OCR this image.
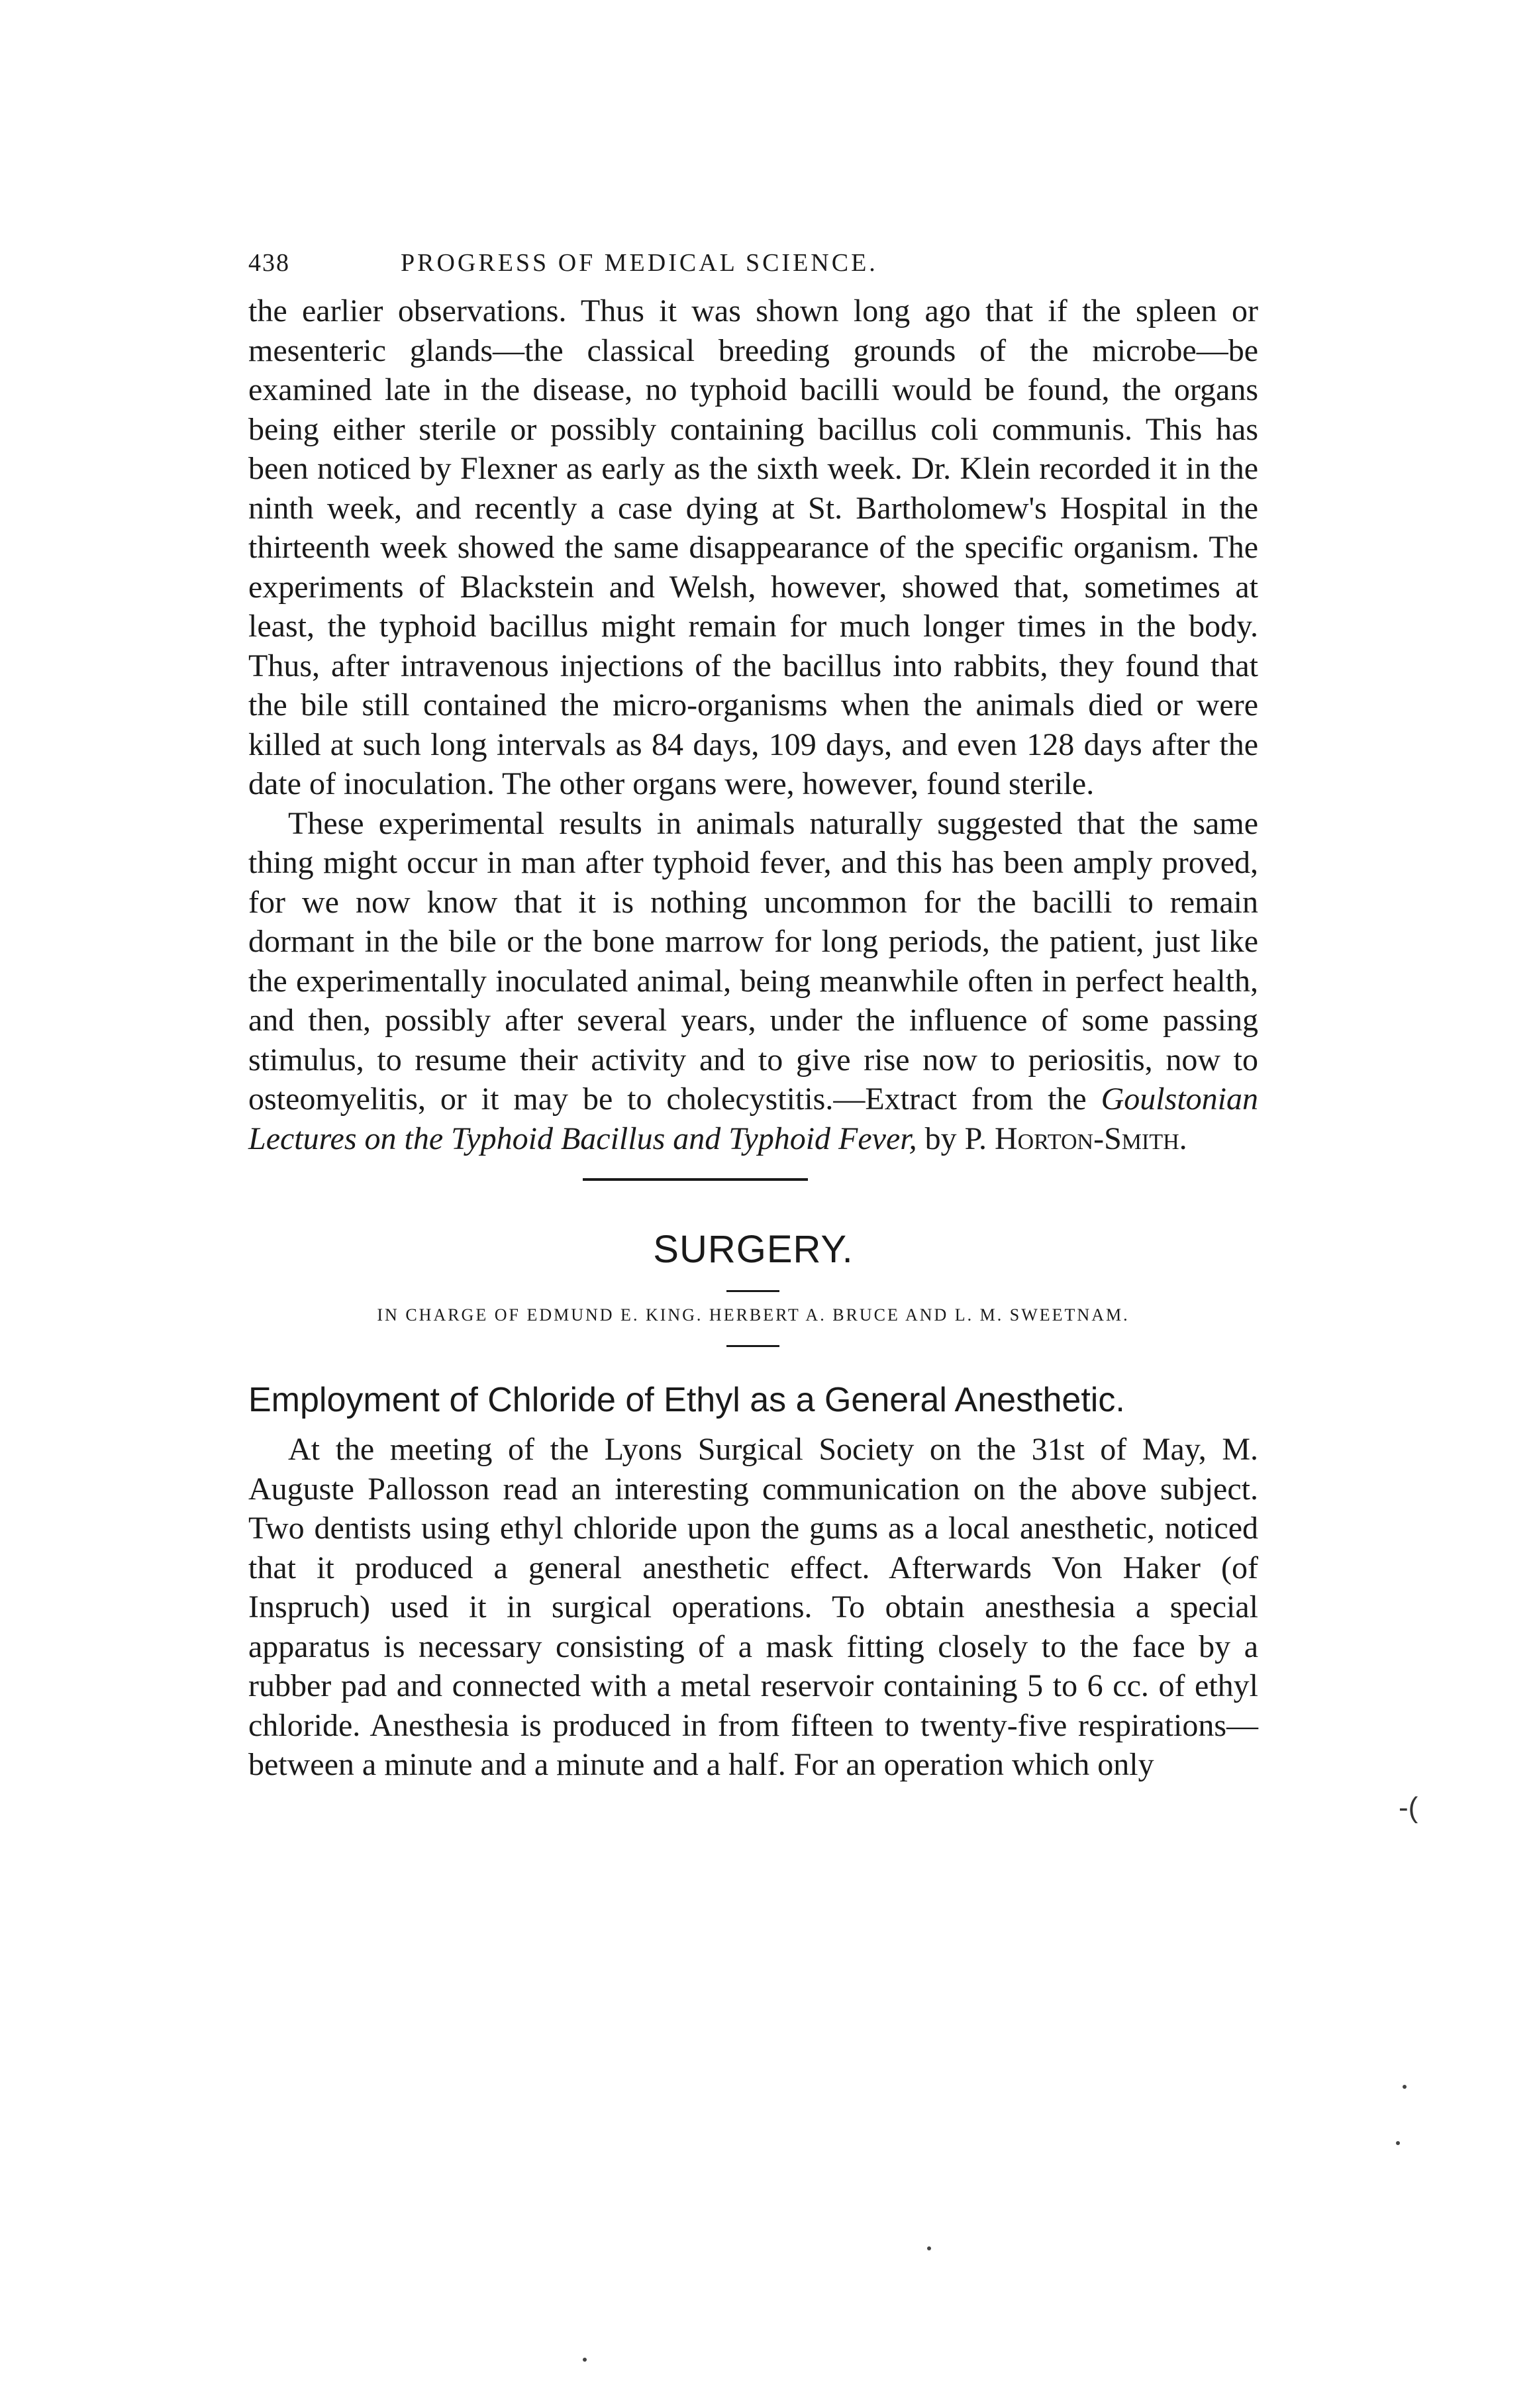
438	PROGRESS OF MEDICAL SCIENCE.

the earlier observations. Thus it was shown long ago that if the spleen or mesenteric glands—the classical breeding grounds of the microbe—be examined late in the disease, no typhoid bacilli would be found, the organs being either sterile or possibly containing bacillus coli communis. This has been noticed by Flexner as early as the sixth week. Dr. Klein recorded it in the ninth week, and recently a case dying at St. Bartholomew's Hospital in the thirteenth week showed the same disappearance of the specific organism. The experiments of Blackstein and Welsh, however, showed that, sometimes at least, the typhoid bacillus might remain for much longer times in the body. Thus, after intravenous injections of the bacillus into rabbits, they found that the bile still contained the micro-organisms when the animals died or were killed at such long intervals as 84 days, 109 days, and even 128 days after the date of inoculation. The other organs were, however, found sterile.

These experimental results in animals naturally suggested that the same thing might occur in man after typhoid fever, and this has been amply proved, for we now know that it is nothing uncommon for the bacilli to remain dormant in the bile or the bone marrow for long periods, the patient, just like the experimentally inoculated animal, being meanwhile often in perfect health, and then, possibly after several years, under the influence of some passing stimulus, to resume their activity and to give rise now to periositis, now to osteomyelitis, or it may be to cholecystitis.—Extract from the Goulstonian Lectures on the Typhoid Bacillus and Typhoid Fever, by P. Horton-Smith.

SURGERY.
IN CHARGE OF EDMUND E. KING. HERBERT A. BRUCE AND L. M. SWEETNAM.
Employment of Chloride of Ethyl as a General Anesthetic.

At the meeting of the Lyons Surgical Society on the 31st of May, M. Auguste Pallosson read an interesting communication on the above subject. Two dentists using ethyl chloride upon the gums as a local anesthetic, noticed that it produced a general anesthetic effect. Afterwards Von Haker (of Inspruch) used it in surgical operations. To obtain anesthesia a special apparatus is necessary consisting of a mask fitting closely to the face by a rubber pad and connected with a metal reservoir containing 5 to 6 cc. of ethyl chloride. Anesthesia is produced in from fifteen to twenty-five respirations—between a minute and a minute and a half. For an operation which only

-(
